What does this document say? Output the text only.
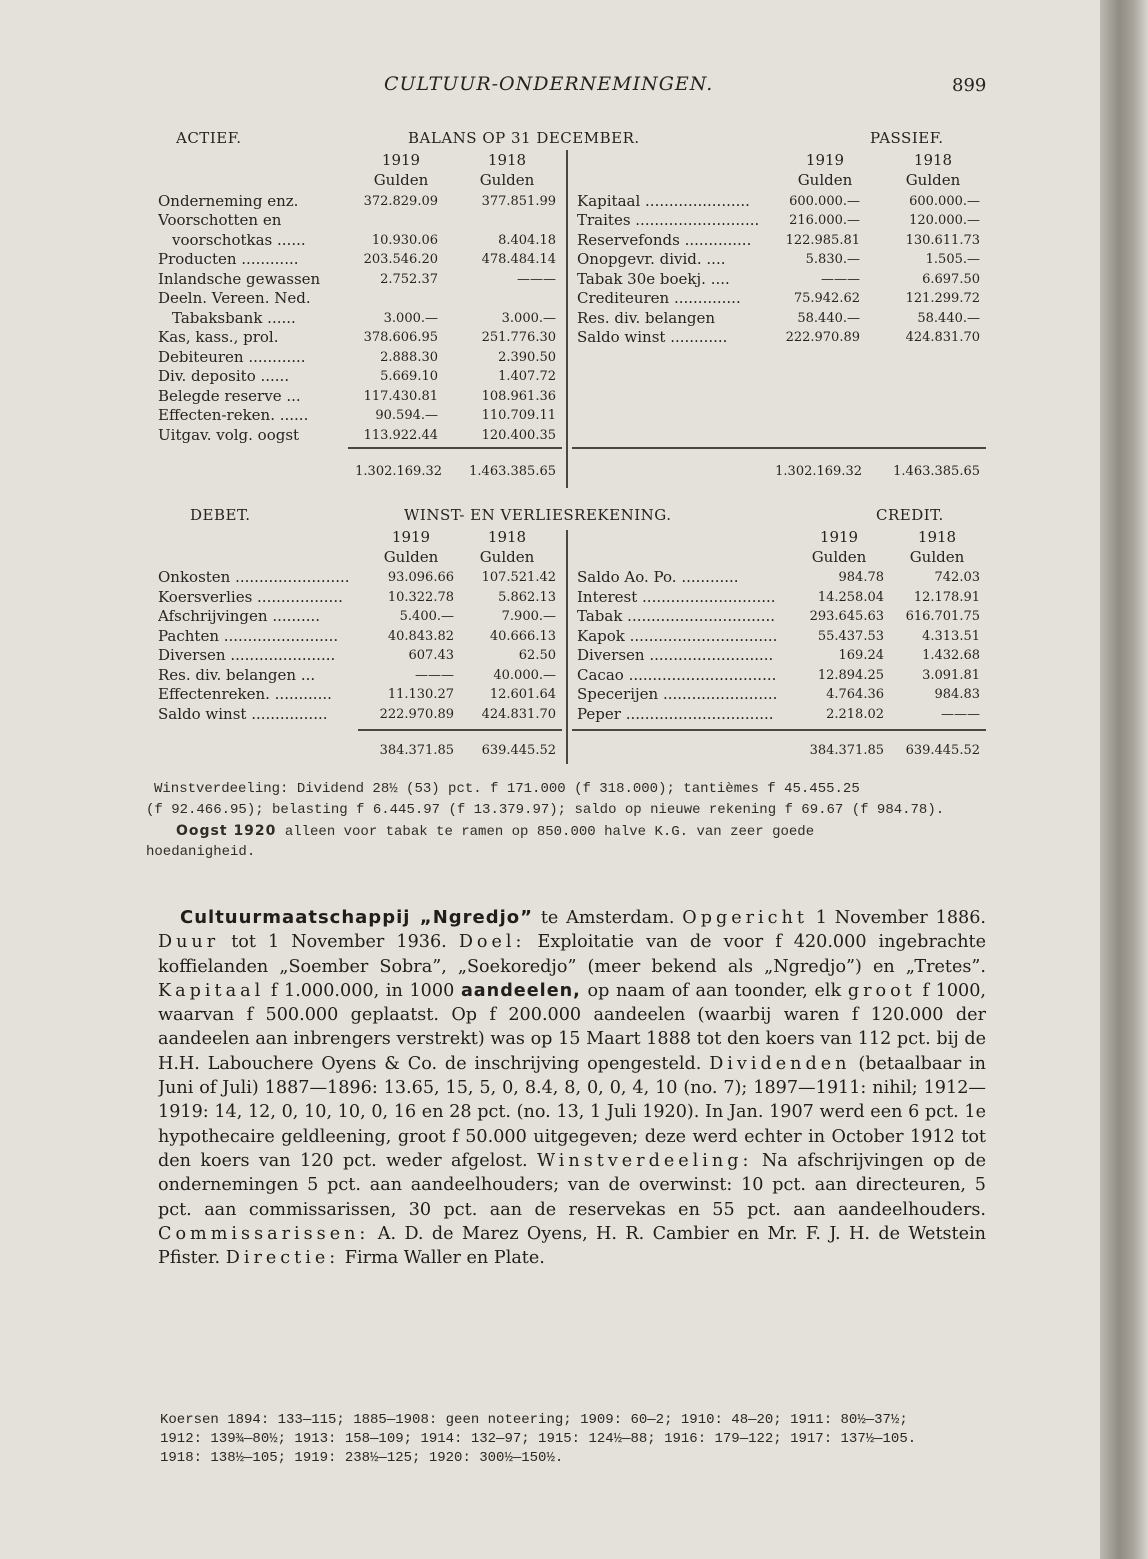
CULTUUR-ONDERNEMINGEN.	899
ACTIEF.	BALANS OP 31 DECEMBER.	PASSIEF.
1919	1918
Gulden	Gulden
1919	1918
Gulden	Gulden
Onderneming enz.	372.829.09	377.851.99
Voorschotten en
voorschotkas ......	10.930.06	8.404.18
Producten ............	203.546.20	478.484.14
Inlandsche gewassen	2.752.37	———
Deeln. Vereen. Ned.
Tabaksbank ......	3.000.—	3.000.—
Kas, kass., prol.	378.606.95	251.776.30
Debiteuren ............	2.888.30	2.390.50
Div. deposito ......	5.669.10	1.407.72
Belegde reserve ...	117.430.81	108.961.36
Effecten-reken. ......	90.594.—	110.709.11
Uitgav. volg. oogst	113.922.44	120.400.35
Kapitaal ......................	600.000.—	600.000.—
Traites ..........................	216.000.—	120.000.—
Reservefonds ..............	122.985.81	130.611.73
Onopgevr. divid. ....	5.830.—	1.505.—
Tabak 30e boekj. ....	———	6.697.50
Crediteuren ..............	75.942.62	121.299.72
Res. div. belangen	58.440.—	58.440.—
Saldo winst ............	222.970.89	424.831.70
1.302.169.32	1.463.385.65	1.302.169.32	1.463.385.65
DEBET.	WINST- EN VERLIESREKENING.	CREDIT.
1919	1918
Gulden	Gulden
1919	1918
Gulden	Gulden
Onkosten ........................	93.096.66	107.521.42
Koersverlies ..................	10.322.78	5.862.13
Afschrijvingen ..........	5.400.—	7.900.—
Pachten ........................	40.843.82	40.666.13
Diversen ......................	607.43	62.50
Res. div. belangen ...	———	40.000.—
Effectenreken. ............	11.130.27	12.601.64
Saldo winst ................	222.970.89	424.831.70
Saldo Ao. Po. ............	984.78	742.03
Interest ............................	14.258.04	12.178.91
Tabak ...............................	293.645.63	616.701.75
Kapok ...............................	55.437.53	4.313.51
Diversen ..........................	169.24	1.432.68
Cacao ...............................	12.894.25	3.091.81
Specerijen ........................	4.764.36	984.83
Peper ...............................	2.218.02	———
384.371.85	639.445.52	384.371.85	639.445.52
Winstverdeeling: Dividend 28½ (53) pct. f 171.000 (f 318.000); tantièmes f 45.455.25
(f 92.466.95); belasting f 6.445.97 (f 13.379.97); saldo op nieuwe rekening f 69.67 (f 984.78).
Oogst 1920 alleen voor tabak te ramen op 850.000 halve K.G. van zeer goede
hoedanigheid.

Cultuurmaatschappij „Ngredjo” te Amsterdam. Opgericht 1 November 1886. Duur tot 1 November 1936. Doel: Exploitatie van de voor f 420.000 ingebrachte koffielanden „Soember Sobra”, „Soekoredjo” (meer bekend als „Ngredjo”) en „Tretes”. Kapitaal f 1.000.000, in 1000 aandeelen, op naam of aan toonder, elk groot f 1000, waarvan f 500.000 geplaatst. Op f 200.000 aandeelen (waarbij waren f 120.000 der aandeelen aan inbrengers verstrekt) was op 15 Maart 1888 tot den koers van 112 pct. bij de H.H. Labouchere Oyens & Co. de inschrijving opengesteld. Dividenden (betaalbaar in Juni of Juli) 1887—1896: 13.65, 15, 5, 0, 8.4, 8, 0, 0, 4, 10 (no. 7); 1897—1911: nihil; 1912—1919: 14, 12, 0, 10, 10, 0, 16 en 28 pct. (no. 13, 1 Juli 1920). In Jan. 1907 werd een 6 pct. 1e hypothecaire geldleening, groot f 50.000 uitgegeven; deze werd echter in October 1912 tot den koers van 120 pct. weder afgelost. Winstverdeeling: Na afschrijvingen op de ondernemingen 5 pct. aan aandeelhouders; van de overwinst: 10 pct. aan directeuren, 5 pct. aan commissarissen, 30 pct. aan de reservekas en 55 pct. aan aandeelhouders. Commissarissen: A. D. de Marez Oyens, H. R. Cambier en Mr. F. J. H. de Wetstein Pfister. Directie: Firma Waller en Plate.

Koersen 1894: 133—115; 1885—1908: geen noteering; 1909: 60—2; 1910: 48—20; 1911: 80½—37½;
1912: 139¾—80½; 1913: 158—109; 1914: 132—97; 1915: 124½—88; 1916: 179—122; 1917: 137½—105.
1918: 138½—105; 1919: 238½—125; 1920: 300½—150½.
